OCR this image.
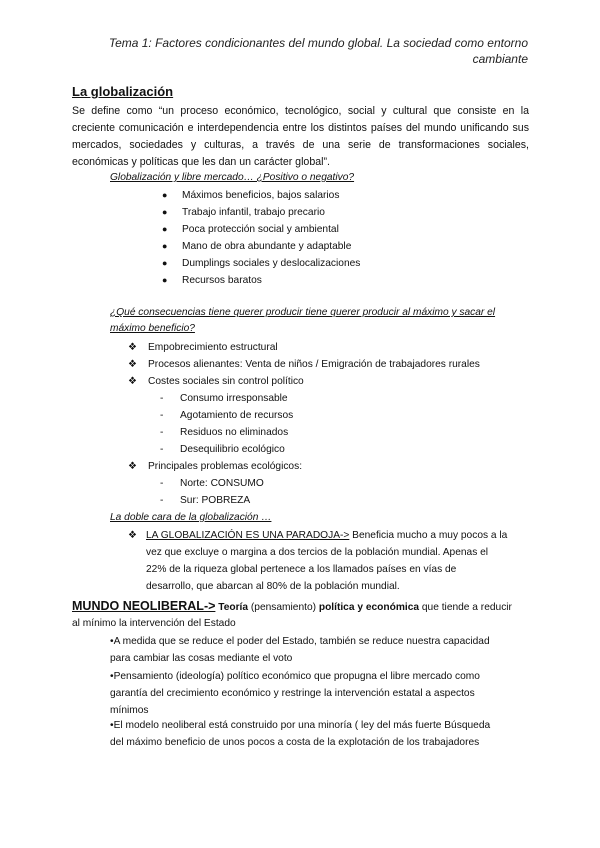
Tema 1: Factores condicionantes del mundo global. La sociedad como entorno
cambiante
La globalización
Se define como “un proceso económico, tecnológico, social y cultural que consiste en la creciente comunicación e interdependencia entre los distintos países del mundo unificando sus mercados, sociedades y culturas, a través de una serie de transformaciones sociales, económicas y políticas que les dan un carácter global”.
Globalización y libre mercado… ¿Positivo o negativo?
● Máximos beneficios, bajos salarios
● Trabajo infantil, trabajo precario
● Poca protección social y ambiental
● Mano de obra abundante y adaptable
● Dumplings sociales y deslocalizaciones
● Recursos baratos
¿Qué consecuencias tiene querer producir tiene querer producir al máximo y sacar el
máximo beneficio?
❖ Empobrecimiento estructural
❖ Procesos alienantes: Venta de niños / Emigración de trabajadores rurales
❖ Costes sociales sin control político
- Consumo irresponsable
- Agotamiento de recursos
- Residuos no eliminados
- Desequilibrio ecológico
❖ Principales problemas ecológicos:
- Norte: CONSUMO
- Sur: POBREZA
La doble cara de la globalización …
❖ LA GLOBALIZACIÓN ES UNA PARADOJA-> Beneficia mucho a muy pocos a la
vez que excluye o margina a dos tercios de la población mundial. Apenas el
22% de la riqueza global pertenece a los llamados países en vías de
desarrollo, que abarcan al 80% de la población mundial.
MUNDO NEOLIBERAL-> Teoría (pensamiento) política y económica que tiende a reducir
al mínimo la intervención del Estado
•A medida que se reduce el poder del Estado, también se reduce nuestra capacidad
para cambiar las cosas mediante el voto
•Pensamiento (ideología) político económico que propugna el libre mercado como
garantía del crecimiento económico y restringe la intervención estatal a aspectos
mínimos
•El modelo neoliberal está construido por una minoría ( ley del más fuerte Búsqueda
del máximo beneficio de unos pocos a costa de la explotación de los trabajadores
